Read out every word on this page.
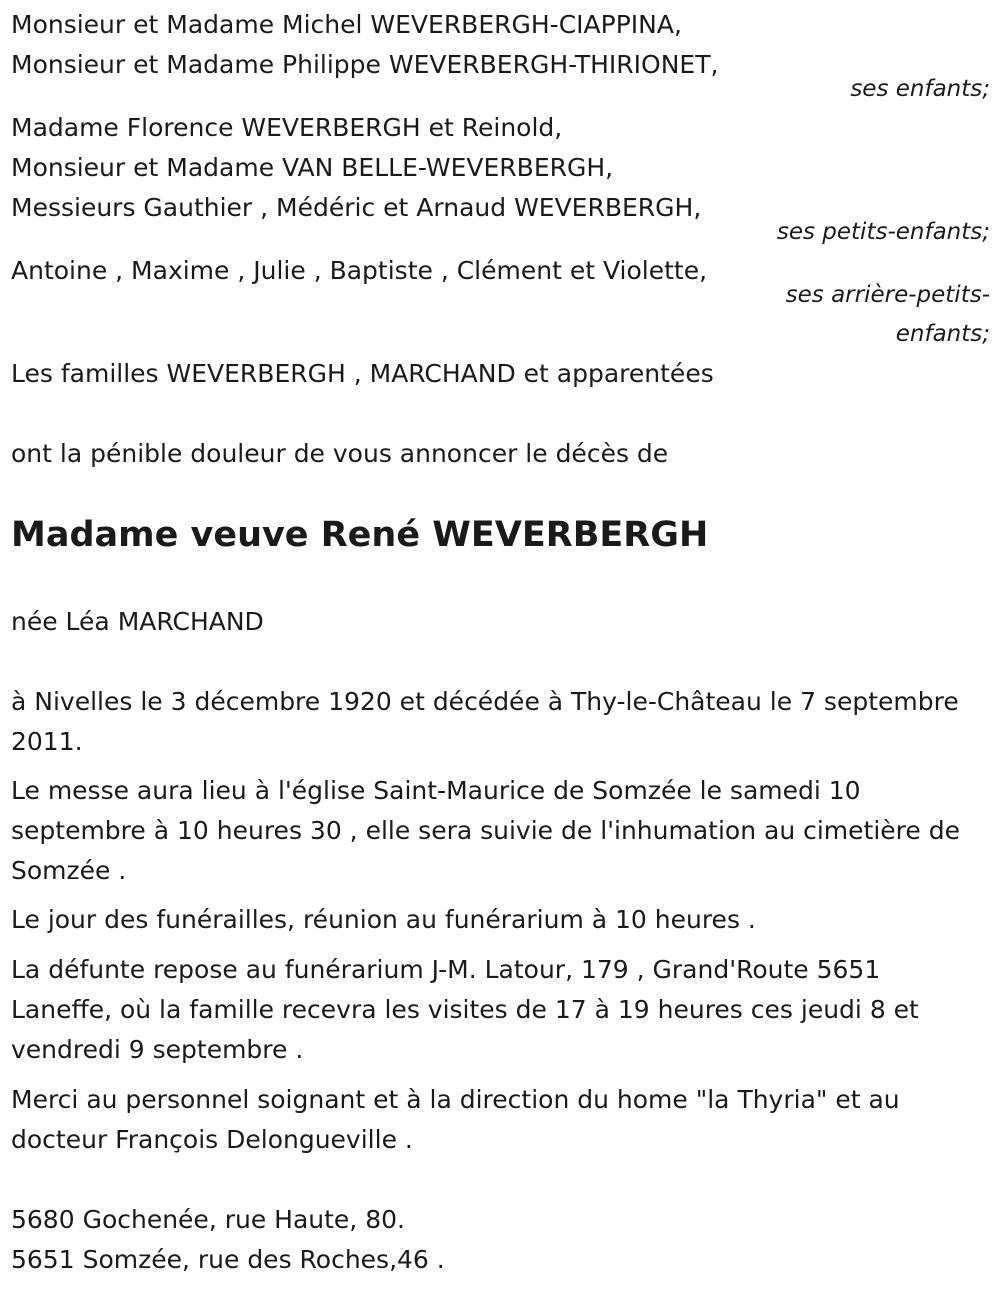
Monsieur et Madame Michel WEVERBERGH-CIAPPINA,

Monsieur et Madame Philippe WEVERBERGH-THIRIONET,

ses enfants;

Madame Florence WEVERBERGH et Reinold,

Monsieur et Madame VAN BELLE-WEVERBERGH,

Messieurs Gauthier , Médéric et Arnaud WEVERBERGH,

ses petits-enfants;

Antoine , Maxime , Julie , Baptiste , Clément et Violette,

ses arrière-petits-

enfants;

Les familles WEVERBERGH , MARCHAND et apparentées

ont la pénible douleur de vous annoncer le décès de

Madame veuve René WEVERBERGH

née Léa MARCHAND

à Nivelles le 3 décembre 1920 et décédée à Thy-le-Château le 7 septembre 2011.

Le messe aura lieu à l'église Saint-Maurice de Somzée le samedi 10 septembre à 10 heures 30 , elle sera suivie de l'inhumation au cimetière de Somzée .

Le jour des funérailles, réunion au funérarium à 10 heures .

La défunte repose au funérarium J-M. Latour, 179 , Grand'Route 5651 Laneffe, où la famille recevra les visites de 17 à 19 heures ces jeudi 8 et vendredi 9 septembre .

Merci au personnel soignant et à la direction du home "la Thyria" et au docteur François Delongueville .

5680 Gochenée, rue Haute, 80.

5651 Somzée, rue des Roches,46 .
